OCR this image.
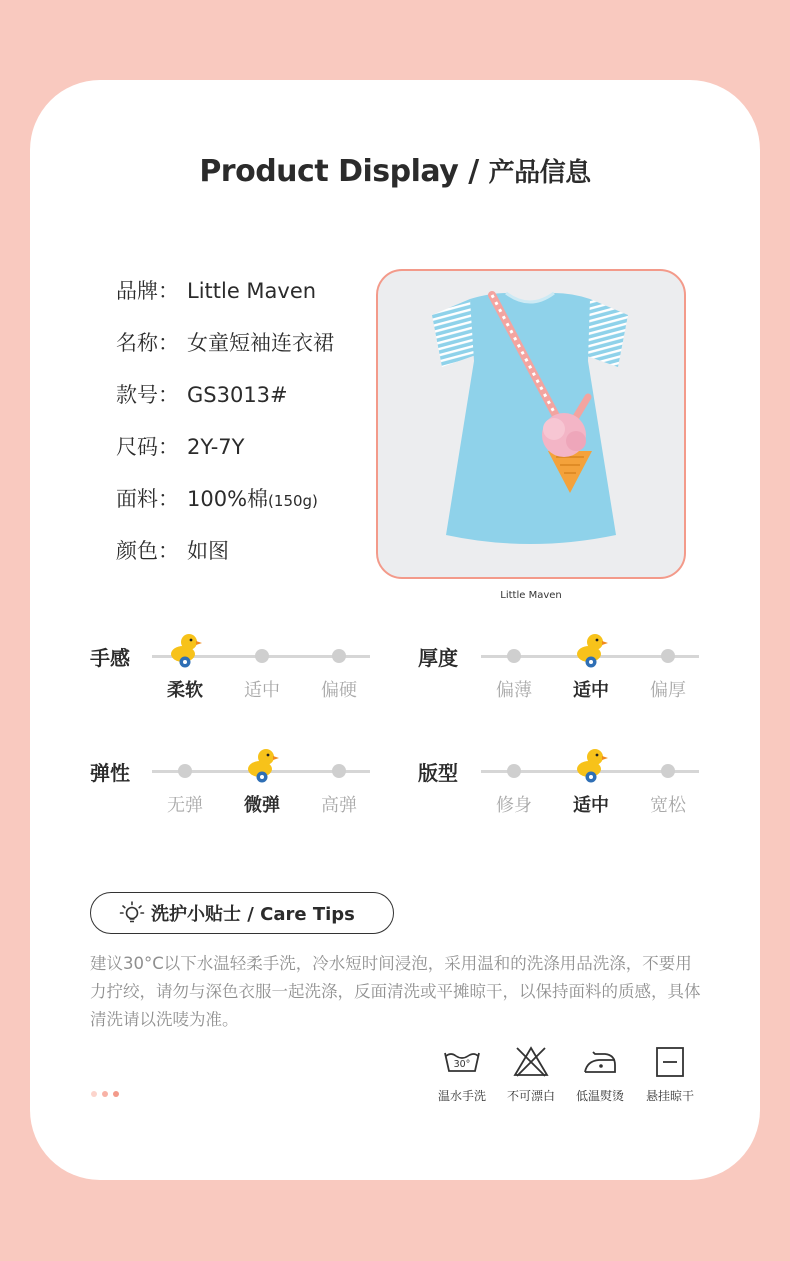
Product Display / 产品信息
品牌： Little Maven
名称： 女童短袖连衣裙
款号： GS3013#
尺码： 2Y-7Y
面料： 100%棉(150g)
颜色： 如图
Little Maven
手感
柔软	适中	偏硬
厚度
偏薄	适中	偏厚
弹性
无弹	微弹	高弹
版型
修身	适中	宽松
洗护小贴士 / Care Tips
建议30°C以下水温轻柔手洗，冷水短时间浸泡，采用温和的洗涤用品洗涤，不要用力拧绞，请勿与深色衣服一起洗涤，反面清洗或平摊晾干，以保持面料的质感，具体清洗请以洗唛为准。
30°
温水手洗	不可漂白	低温熨烫	悬挂晾干
